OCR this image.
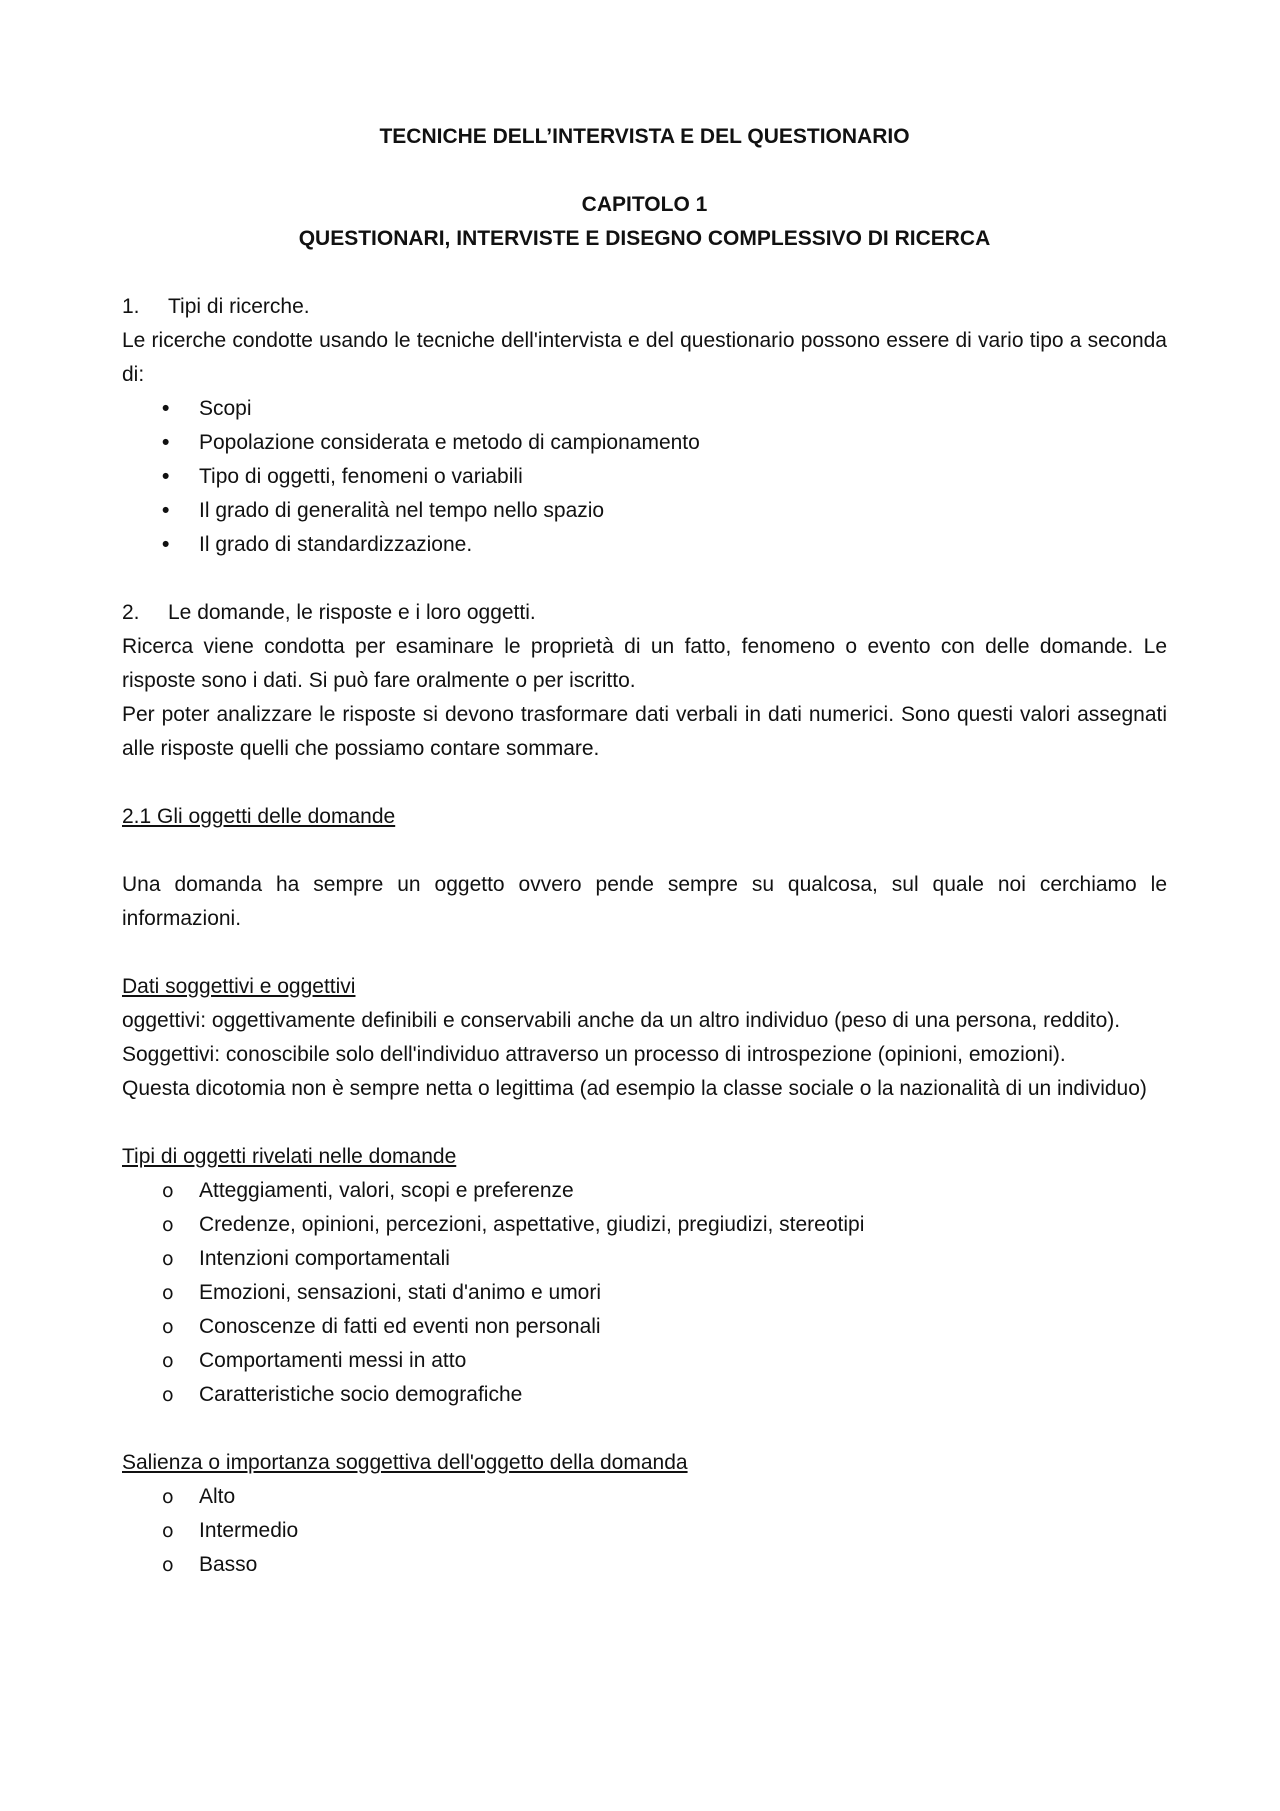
TECNICHE DELL’INTERVISTA E DEL QUESTIONARIO

CAPITOLO 1

QUESTIONARI, INTERVISTE E DISEGNO COMPLESSIVO DI RICERCA

1. Tipi di ricerche.

Le ricerche condotte usando le tecniche dell'intervista e del questionario possono essere di vario tipo a seconda di:

• Scopi
• Popolazione considerata e metodo di campionamento
• Tipo di oggetti, fenomeni o variabili
• Il grado di generalità nel tempo nello spazio
• Il grado di standardizzazione.

2. Le domande, le risposte e i loro oggetti.

Ricerca viene condotta per esaminare le proprietà di un fatto, fenomeno o evento con delle domande. Le risposte sono i dati. Si può fare oralmente o per iscritto.

Per poter analizzare le risposte si devono trasformare dati verbali in dati numerici. Sono questi valori assegnati alle risposte quelli che possiamo contare sommare.

2.1 Gli oggetti delle domande

Una domanda ha sempre un oggetto ovvero pende sempre su qualcosa, sul quale noi cerchiamo le informazioni.

Dati soggettivi e oggettivi

oggettivi: oggettivamente definibili e conservabili anche da un altro individuo (peso di una persona, reddito).

Soggettivi: conoscibile solo dell'individuo attraverso un processo di introspezione (opinioni, emozioni).

Questa dicotomia non è sempre netta o legittima (ad esempio la classe sociale o la nazionalità di un individuo)

Tipi di oggetti rivelati nelle domande

o Atteggiamenti, valori, scopi e preferenze
o Credenze, opinioni, percezioni, aspettative, giudizi, pregiudizi, stereotipi
o Intenzioni comportamentali
o Emozioni, sensazioni, stati d'animo e umori
o Conoscenze di fatti ed eventi non personali
o Comportamenti messi in atto
o Caratteristiche socio demografiche

Salienza o importanza soggettiva dell'oggetto della domanda

o Alto
o Intermedio
o Basso
